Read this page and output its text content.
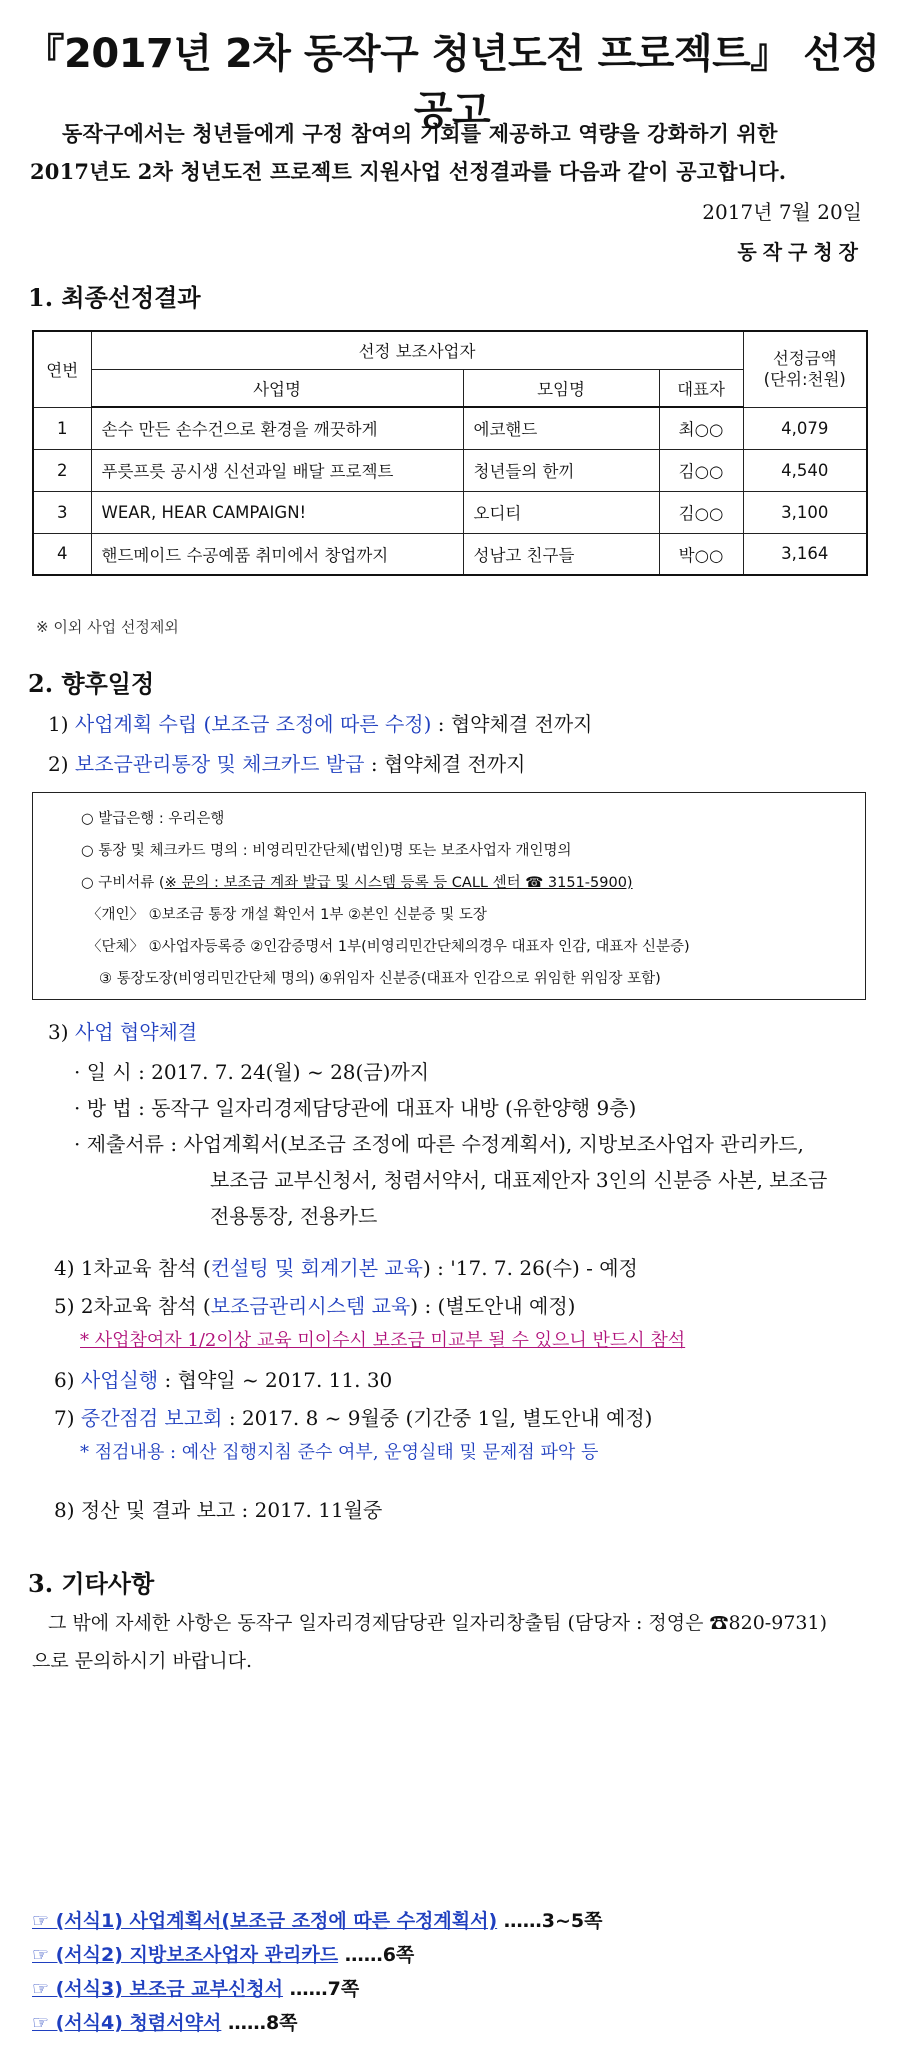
『2017년 2차 동작구 청년도전 프로젝트』 선정 공고
동작구에서는 청년들에게 구정 참여의 기회를 제공하고 역량을 강화하기 위한
2017년도 2차 청년도전 프로젝트 지원사업 선정결과를 다음과 같이 공고합니다.
2017년 7월 20일
동작구청장
1. 최종선정결과
연번	선정 보조사업자			선정금액
(단위:천원)
	사업명	모임명	대표자	
1	손수 만든 손수건으로 환경을 깨끗하게	에코핸드	최○○	4,079
2	푸릇프릇 공시생 신선과일 배달 프로젝트	청년들의 한끼	김○○	4,540
3	WEAR, HEAR CAMPAIGN!	오디티	김○○	3,100
4	핸드메이드 수공예품 취미에서 창업까지	성남고 친구들	박○○	3,164
※ 이외 사업 선정제외
2. 향후일정
1) 사업계획 수립 (보조금 조정에 따른 수정) : 협약체결 전까지
2) 보조금관리통장 및 체크카드 발급 : 협약체결 전까지
○ 발급은행 : 우리은행
○ 통장 및 체크카드 명의 : 비영리민간단체(법인)명 또는 보조사업자 개인명의
○ 구비서류 (※ 문의 : 보조금 계좌 발급 및 시스템 등록 등 CALL 센터 ☎ 3151-5900)
〈개인〉 ①보조금 통장 개설 확인서 1부 ②본인 신분증 및 도장
〈단체〉 ①사업자등록증 ②인감증명서 1부(비영리민간단체의경우 대표자 인감, 대표자 신분증)
③ 통장도장(비영리민간단체 명의) ④위임자 신분증(대표자 인감으로 위임한 위임장 포함)
3) 사업 협약체결
· 일 시 : 2017. 7. 24(월) ~ 28(금)까지
· 방 법 : 동작구 일자리경제담당관에 대표자 내방 (유한양행 9층)
· 제출서류 : 사업계획서(보조금 조정에 따른 수정계획서), 지방보조사업자 관리카드,
보조금 교부신청서, 청렴서약서, 대표제안자 3인의 신분증 사본, 보조금
전용통장, 전용카드
4) 1차교육 참석 (컨설팅 및 회계기본 교육) : '17. 7. 26(수) - 예정
5) 2차교육 참석 (보조금관리시스템 교육) : (별도안내 예정)
* 사업참여자 1/2이상 교육 미이수시 보조금 미교부 될 수 있으니 반드시 참석
6) 사업실행 : 협약일 ~ 2017. 11. 30
7) 중간점검 보고회 : 2017. 8 ~ 9월중 (기간중 1일, 별도안내 예정)
* 점검내용 : 예산 집행지침 준수 여부, 운영실태 및 문제점 파악 등
8) 정산 및 결과 보고 : 2017. 11월중
3. 기타사항
그 밖에 자세한 사항은 동작구 일자리경제담당관 일자리창출팀 (담당자 : 정영은 ☎820-9731)
으로 문의하시기 바랍니다.
☞ (서식1) 사업계획서(보조금 조정에 따른 수정계획서) ……3~5쪽
☞ (서식2) 지방보조사업자 관리카드 ……6쪽
☞ (서식3) 보조금 교부신청서 ……7쪽
☞ (서식4) 청렴서약서 ……8쪽
